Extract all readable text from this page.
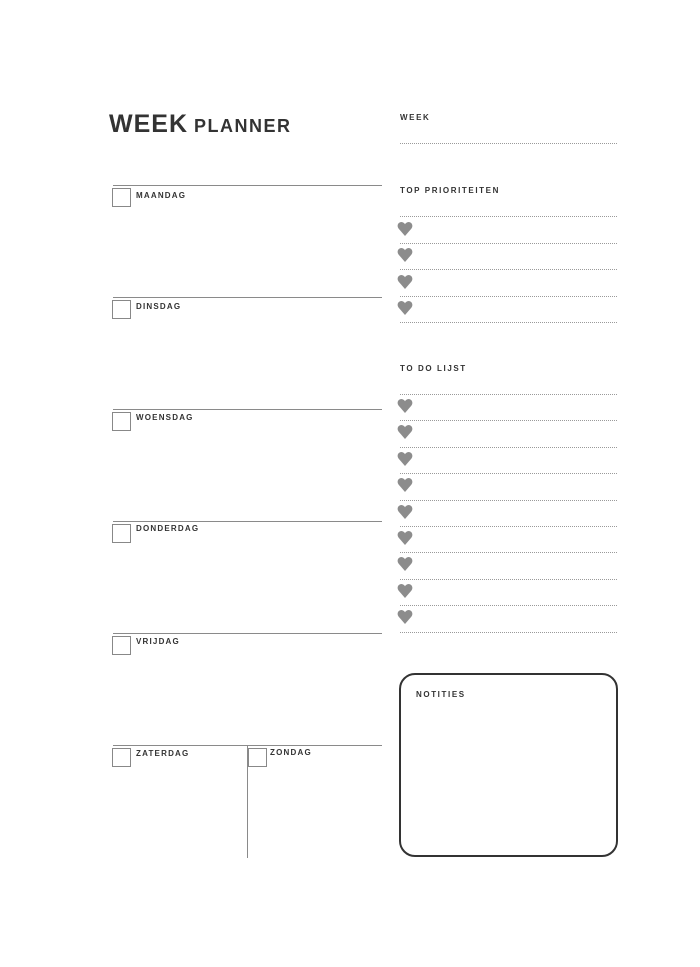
WEEK PLANNER
MAANDAG
DINSDAG
WOENSDAG
DONDERDAG
VRIJDAG
ZATERDAG	ZONDAG
WEEK
TOP PRIORITEITEN
TO DO LIJST
NOTITIES
